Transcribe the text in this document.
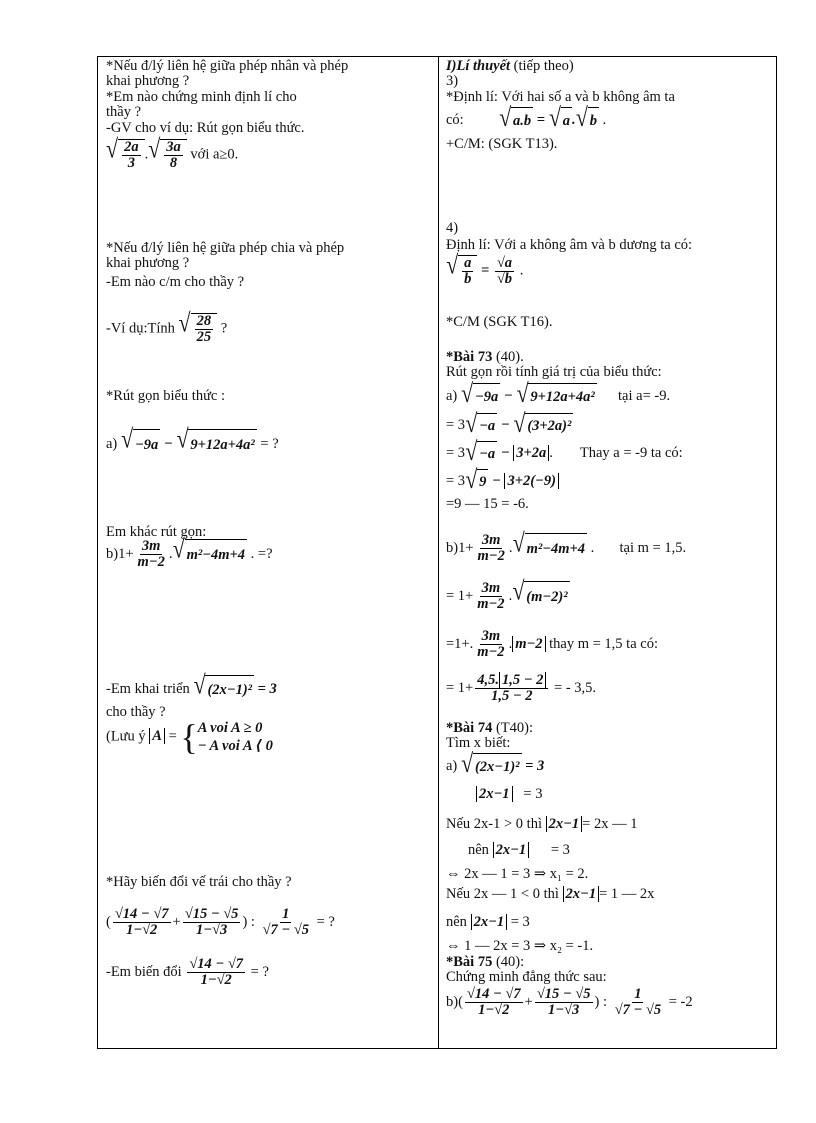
*Nếu đ/lý liên hệ giữa phép nhân và phép
khai phương ?
*Em nào chứng minh định lí cho
thầy ?
-GV cho ví dụ: Rút gọn biểu thức.
√ $\frac{2a}{3}$ . √ $\frac{3a}{8}$ với a≥0.
*Nếu đ/lý liên hệ giữa phép chia và phép
khai phương ?
-Em nào c/m cho thầy ?
-Ví dụ:Tính √ $\frac{28}{25}$ ?
*Rút gọn biểu thức :
a) √ −9a − √ 9+12a+4a² = ?
Em khác rút gọn:
$b)1+ \frac{3m}{m-2}$ . √ m²−4m+4 . =?
-Em khai triển √ (2x−1)² = 3
cho thầy ?
(Lưu ý A = { A voi A ≥ 0
− A voi A ⟨ 0
*Hãy biến đổi vế trái cho thầy ?
( $\frac{√14 - √7}{1-√2} + \frac{√15 - √5}{1-√3}$ ) : $\frac{1}{√7 - √5}$ = ?
-Em biến đổi $\frac{√14 - √7}{1-√2}$ = ?
I)Lí thuyết (tiếp theo)
3)
*Định lí: Với hai số a và b không âm ta
có: √ a.b = √ a . √ b .
+C/M: (SGK T13).
4)
Định lí: Với a không âm và b dương ta có:
√ $\frac{a}{b} = \frac{√a}{√b}$ .
*C/M (SGK T16).
*Bài 73 (40).
Rút gọn rồi tính giá trị của biểu thức:
a) √ −9a − √ 9+12a+4a² tại a= -9.
= 3 √ −a − √ (3+2a)²
= 3 √ −a − 3+2a .  Thay a = -9 ta có:
= 3 √ 9 − 3+2(−9)
=9 — 15 = -6.
$b)1+ \frac{3m}{m-2}$ . √ m²−4m+4 .  tại m = 1,5.
= $1+ \frac{3m}{m-2}$ . √ (m−2)²
=1+. $\frac{3m}{m-2}$ . m−2 thay m = 1,5 ta có:
= $1+ \frac{4,5. 1,5 - 2}{1,5 - 2}$ = - 3,5.
*Bài 74 (T40):
Tìm x biết:
a) √ (2x−1)² = 3
2x−1 = 3
Nếu 2x-1 > 0 thì 2x−1 = 2x — 1
nên 2x−1 = 3
⇔ 2x — 1 = 3 ⇒ x₁ = 2.
Nếu 2x — 1 < 0 thì 2x−1 = 1 — 2x
nên 2x−1 = 3
⇔ 1 — 2x = 3 ⇒ x₂ = -1.
*Bài 75 (40):
Chứng minh đẳng thức sau:
$b)( \frac{√14 - √7}{1-√2} + \frac{√15 - √5}{1-√3}$ ) : $\frac{1}{√7 - √5} = -2$
